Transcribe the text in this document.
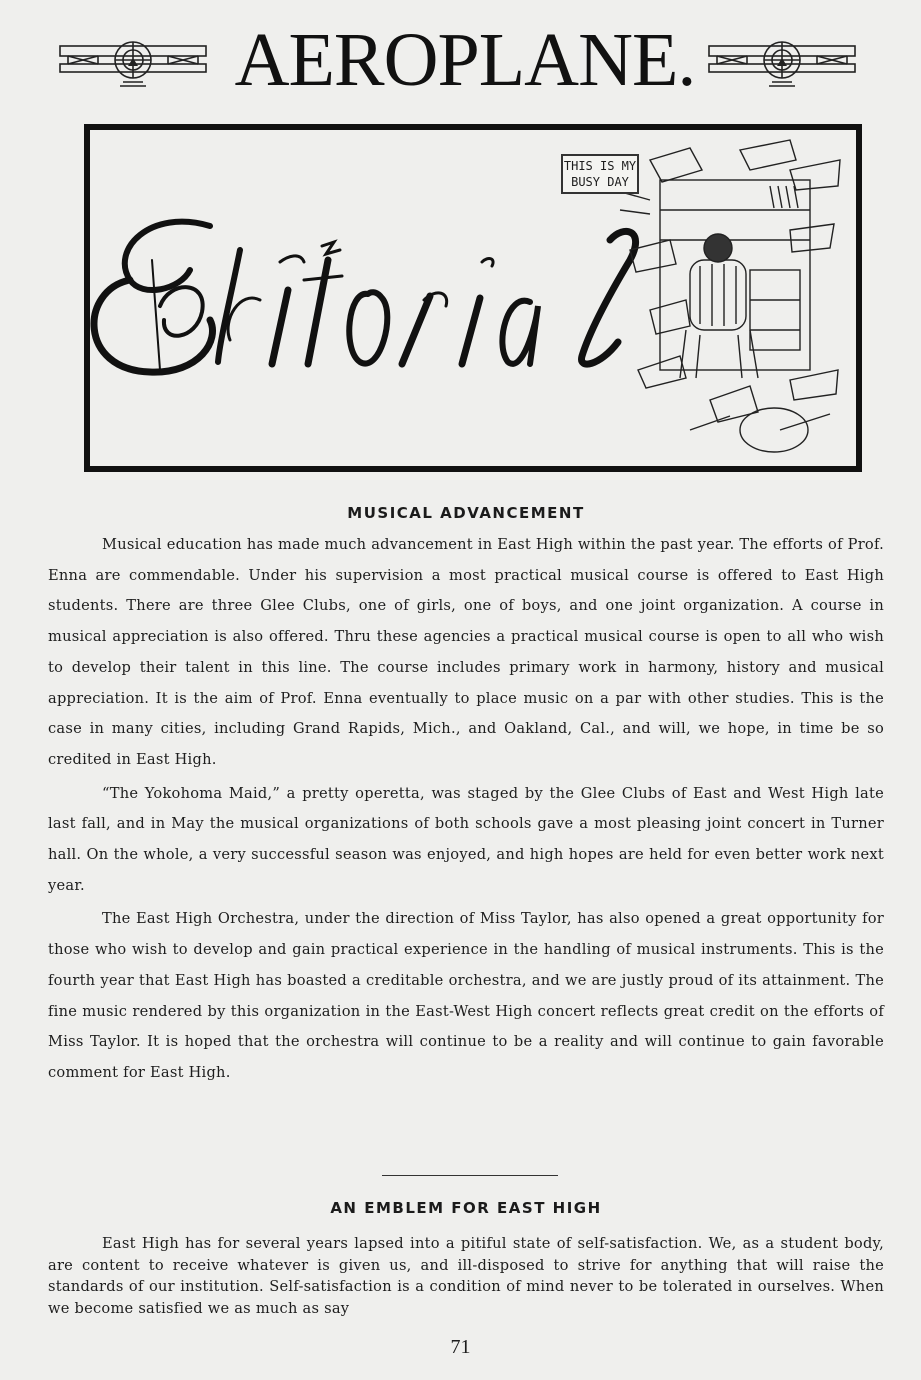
AEROPLANE.
THIS IS MY
BUSY DAY
MUSICAL ADVANCEMENT

Musical education has made much advancement in East High within the past year. The efforts of Prof. Enna are commendable. Under his supervision a most practical musical course is offered to East High students. There are three Glee Clubs, one of girls, one of boys, and one joint organization. A course in musical appreciation is also offered. Thru these agencies a practical musical course is open to all who wish to develop their talent in this line. The course includes primary work in harmony, history and musical appreciation. It is the aim of Prof. Enna eventually to place music on a par with other studies. This is the case in many cities, including Grand Rapids, Mich., and Oakland, Cal., and will, we hope, in time be so credited in East High.

“The Yokohoma Maid,” a pretty operetta, was staged by the Glee Clubs of East and West High late last fall, and in May the musical organizations of both schools gave a most pleasing joint concert in Turner hall. On the whole, a very successful season was enjoyed, and high hopes are held for even better work next year.

The East High Orchestra, under the direction of Miss Taylor, has also opened a great opportunity for those who wish to develop and gain practical experience in the handling of musical instruments. This is the fourth year that East High has boasted a creditable orchestra, and we are justly proud of its attainment. The fine music rendered by this organization in the East-West High concert reflects great credit on the efforts of Miss Taylor. It is hoped that the orchestra will continue to be a reality and will continue to gain favorable comment for East High.

AN EMBLEM FOR EAST HIGH

East High has for several years lapsed into a pitiful state of self-satisfaction. We, as a student body, are content to receive whatever is given us, and ill-disposed to strive for anything that will raise the standards of our institution. Self-satisfaction is a condition of mind never to be tolerated in ourselves. When we become satisfied we as much as say

71
